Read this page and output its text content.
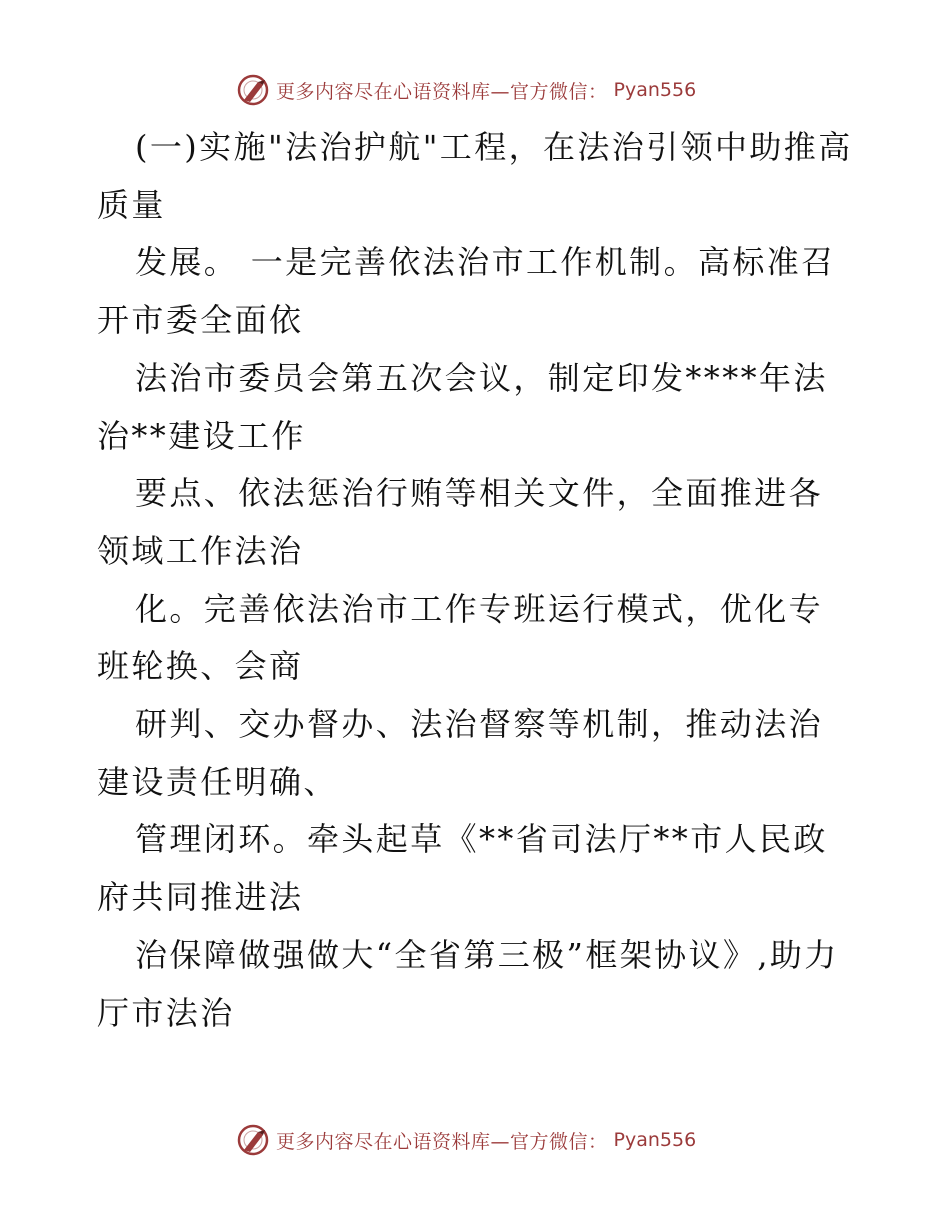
更多内容尽在心语资料库—官方微信： Pyan556

(一)实施"法治护航"工程，在法治引领中助推高质量

发展。 一是完善依法治市工作机制。高标准召开市委全面依

法治市委员会第五次会议，制定印发****年法治**建设工作

要点、依法惩治行贿等相关文件，全面推进各领域工作法治

化。完善依法治市工作专班运行模式，优化专班轮换、会商

研判、交办督办、法治督察等机制，推动法治建设责任明确、

管理闭环。牵头起草《**省司法厅**市人民政府共同推进法

治保障做强做大“全省第三极”框架协议》,助力厅市法治

更多内容尽在心语资料库—官方微信： Pyan556
